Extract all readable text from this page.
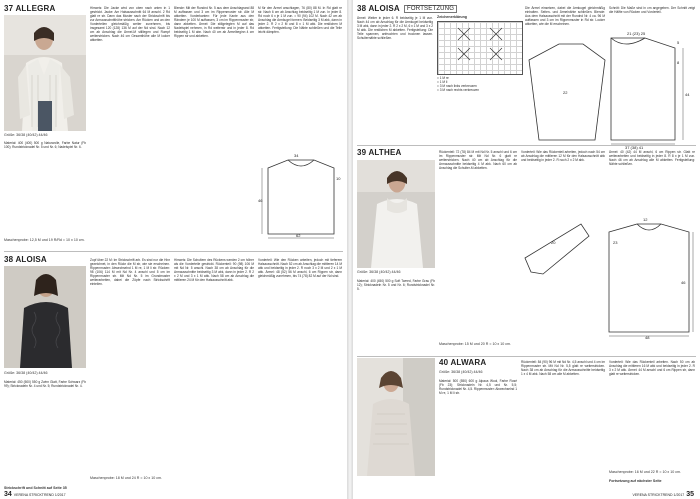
37 ALLEGRA
Größe: 36/38 (40/42) 44/46
Material: 400 (400) 500 g Naturwolle, Farbe Natur (Fb 100); Rundstricknadel Nr. 5 und Nr. 6; Nadelspiel Nr. 6.
Hinweis: Die Jacke wird von oben nach unten in 1 gestrickt. Jacke: Am Halsausschnitt 64 M anschl. 2 Rd glatt re str. Dann das Muster nach der Strickschrift bis zur Armausschnitthöhe stricken. Am Rücken und an den Vorderteilen gleichmäßig weiter zunehmen, bis insgesamt 120 (128) 136 M auf der Nd sind. Nach 12 cm ab Anschlag die Ärmel-M stilllegen und Rumpf weiterstricken. Nach 46 cm Gesamthöhe alle M locker abketten.
Blende: Mit der Rundnd Nr. 5 aus dem Anschlagrand 88 M auffassen und 3 cm im Rippenmuster str. Alle M abketten. Vorderkanten: Für jede Kante aus den Rändern je 100 M auffassen, 3 cm im Rippenmuster str, dann abketten. Ärmel: Die stillgelegten M auf das Nadelspiel nehmen, in Rd weiterstr und in jeder 8. Rd beidseitig 1 M abn. Nach 40 cm ab Ärmelbeginn 4 cm Rippen str und abketten.
M für den Ärmel anschlagen, 76 (80) 88 M. In Rd glatt re str. Nach 6 cm ab Anschlag beidseitig 1 M zun. In jeder 8. Rd noch 6 x je 1 M zun. = 90 (94) 102 M. Nach 42 cm ab Anschlag die Armkugel formen: Beidseitig 3 M abk, dann in jeder 2. R 2 x 2 M und 8 x 1 M abk. Die restlichen M abketten. Fertigstellung: Die Nähte schließen und die Teile leicht dämpfen.
34
46
62
10
Maschenprobe: 12,5 M und 19 R/Rd = 10 x 10 cm.
38 ALOISA
Größe: 36/38 (40/42) 44/46
Material: 450 (500) 550 g Zwirn Glatt, Farbe Schwarz (Fb 99); Stricknadeln Nr. 4 und Nr. 5; Rundstricknadel Nr. 4.
Zopf über 22 M: Im Strickschrift arb. Es sind nur die Hinr gezeichnet, in den Rückr die M str, wie sie erscheinen. Rippenmuster: Abwechselnd 1 M re, 1 M li str. Rücken: 98 (106) 114 M mit Nd Nr. 4 anschl und 5 cm im Rippenmuster str. Mit Nd Nr. 5 im Grundmuster weiterarbeiten, dabei die Zöpfe nach Strickschrift einteilen.
Hinweis: Die Schultern des Rückens werden 2 cm höher als die Vorderteile gestrickt. Rückenteil: 90 (98) 106 M mit Nd Nr. 5 anschl. Nach 38 cm ab Anschlag für die Armausschnitte beidseitig 3 M abk, dann in jeder 2. R 2 x 2 M und 3 x 1 M abk. Nach 58 cm ab Anschlag die mittleren 24 M für den Halsausschnitt abk.
Vorderteil: Wie den Rücken arbeiten, jedoch mit tieferem Halsausschnitt. Nach 52 cm ab Anschlag die mittleren 14 M abk und beidseitig in jeder 2. R noch 3 x 2 M und 2 x 1 M abk. Ärmel: 48 (52) 56 M anschl, 6 cm Rippen str, dann gleichmäßig zunehmen, bis 74 (78) 82 M auf der Nd sind.
Maschenprobe: 18 M und 24 R = 10 x 10 cm.
Strickschrift und Schnitt auf Seite 35
34 VERENA STRICKTREND 1/2017
38 ALOISA FORTSETZUNG
Ärmel: Weiter in jeder 6. R beidseitig je 1 M zun. Nach 44 cm ab Anschlag für die Armkugel beidseitig 3 M abk, dann in jeder 2. R 2 x 2 M, 6 x 1 M und 3 x 2 M abk. Die restlichen M abketten. Fertigstellung: Die Teile spannen, anfeuchten und trocknen lassen. Schulternähte schließen.
Zeichenerklärung
= 1 M re
= 1 M li
= 3 M nach links verkreuzen
= 3 M nach rechts verkreuzen
Die Ärmel einsetzen, dabei die Armkugel gleichmäßig einhalten. Seiten- und Ärmelnähte schließen. Blende: Aus dem Halsausschnitt mit der Rundnd Nr. 4 ca. 96 M auffassen und 3 cm im Rippenmuster in Rd str. Locker abketten, wie die M erscheinen.
Schnitt: Die Maße sind in cm angegeben. Der Schnitt zeigt die Hälfte von Rücken und Vorderteil.
21 (23) 25
5
8
44
22
37 (38) 41
39 ALTHEA
Größe: 36/38 (40/42) 44/46
Material: 400 (450) 500 g Soft Tweed, Farbe Grau (Fb 12); Stricknadeln Nr. 5 und Nr. 6; Rundstricknadel Nr. 5.
Rückenteil: 72 (78) 84 M mit Nd Nr. 5 anschl und 6 cm im Rippenmuster str. Mit Nd Nr. 6 glatt re weiterstricken. Nach 40 cm ab Anschlag für die Armausschnitte beidseitig 4 M abk. Nach 60 cm ab Anschlag die Schulter-M abketten.
Vorderteil: Wie das Rückenteil arbeiten, jedoch nach 54 cm ab Anschlag die mittleren 12 M für den Halsausschnitt abk und beidseitig in jeder 2. R noch 2 x 2 M abk.
Ärmel: 40 (42) 44 M anschl, 6 cm Rippen str. Glatt re weiterarbeiten und beidseitig in jeder 8. R 8 x je 1 M zun. Nach 46 cm ab Anschlag alle M abketten. Fertigstellung: Nähte schließen.
Maschenprobe: 15 M und 20 R = 10 x 10 cm.
12
20	23
46
48
40 ALWARA
Größe: 36/38 (40/42) 44/46
Material: 500 (550) 600 g Alpaca Wool, Farbe Rosé (Fb 23); Stricknadeln Nr. 4,5 und Nr. 5,5; Rundstricknadel Nr. 4,5. Rippenmuster: Abwechselnd 1 M re, 1 M li str.
Rückenteil: 84 (90) 96 M mit Nd Nr. 4,5 anschl und 4 cm im Rippenmuster str. Mit Nd Nr. 5,5 glatt re weiterstricken. Nach 38 cm ab Anschlag für die Armausschnitte beidseitig 1 x 4 M abk. Nach 58 cm alle M abketten.
Vorderteil: Wie das Rückenteil arbeiten. Nach 50 cm ab Anschlag die mittleren 16 M abk und beidseitig in jeder 2. R 3 x 2 M abk. Ärmel: 44 M anschl und 6 cm Rippen str, dann glatt re weiterstricken.
Maschenprobe: 16 M und 22 R = 10 x 10 cm.
Fortsetzung auf nächster Seite
VERENA STRICKTREND 1/2017 35
